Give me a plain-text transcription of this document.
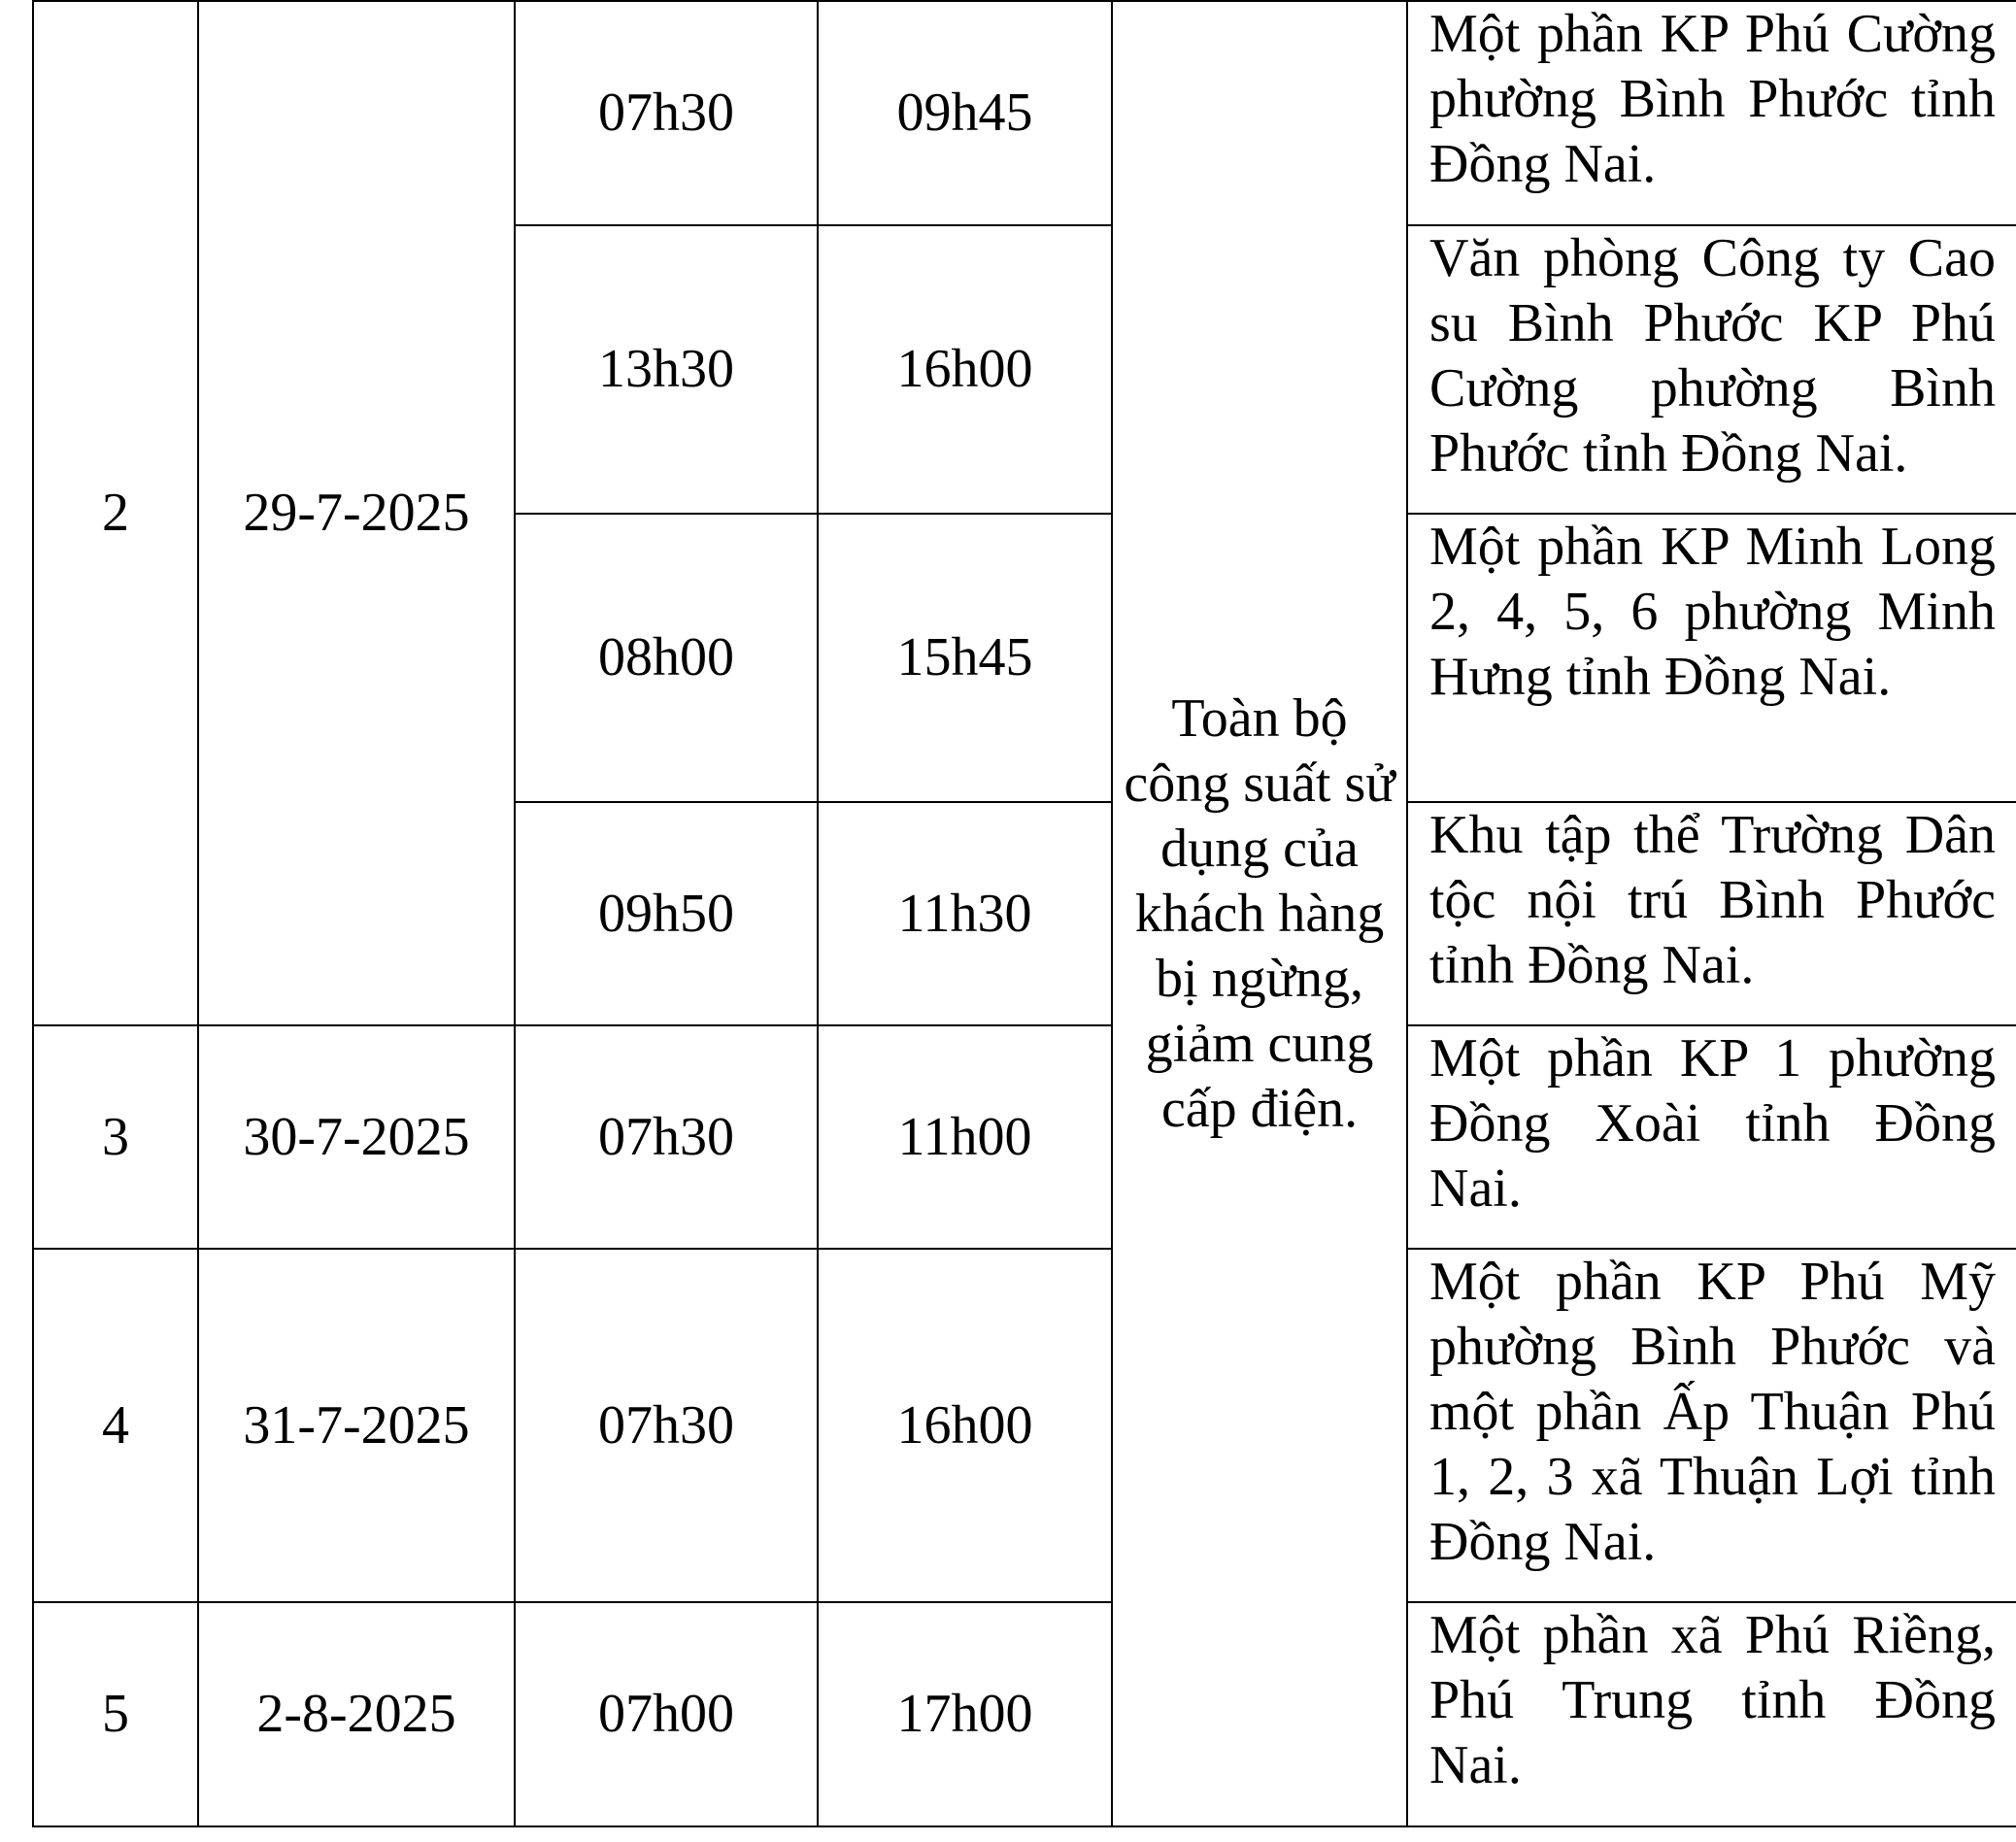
2	29-7-2025	07h30	09h45	Toàn bộ công suất sử dụng của khách hàng bị ngừng, giảm cung cấp điện.	Một phần KP Phú Cường phường Bình Phước tỉnh Đồng Nai.
		13h30	16h00		Văn phòng Công ty Cao su Bình Phước KP Phú Cường phường Bình Phước tỉnh Đồng Nai.
		08h00	15h45		Một phần KP Minh Long 2, 4, 5, 6 phường Minh Hưng tỉnh Đồng Nai.
		09h50	11h30		Khu tập thể Trường Dân tộc nội trú Bình Phước tỉnh Đồng Nai.
3	30-7-2025	07h30	11h00		Một phần KP 1 phường Đồng Xoài tỉnh Đồng Nai.
4	31-7-2025	07h30	16h00		Một phần KP Phú Mỹ phường Bình Phước và một phần Ấp Thuận Phú 1, 2, 3 xã Thuận Lợi tỉnh Đồng Nai.
5	2-8-2025	07h00	17h00		Một phần xã Phú Riềng, Phú Trung tỉnh Đồng Nai.
